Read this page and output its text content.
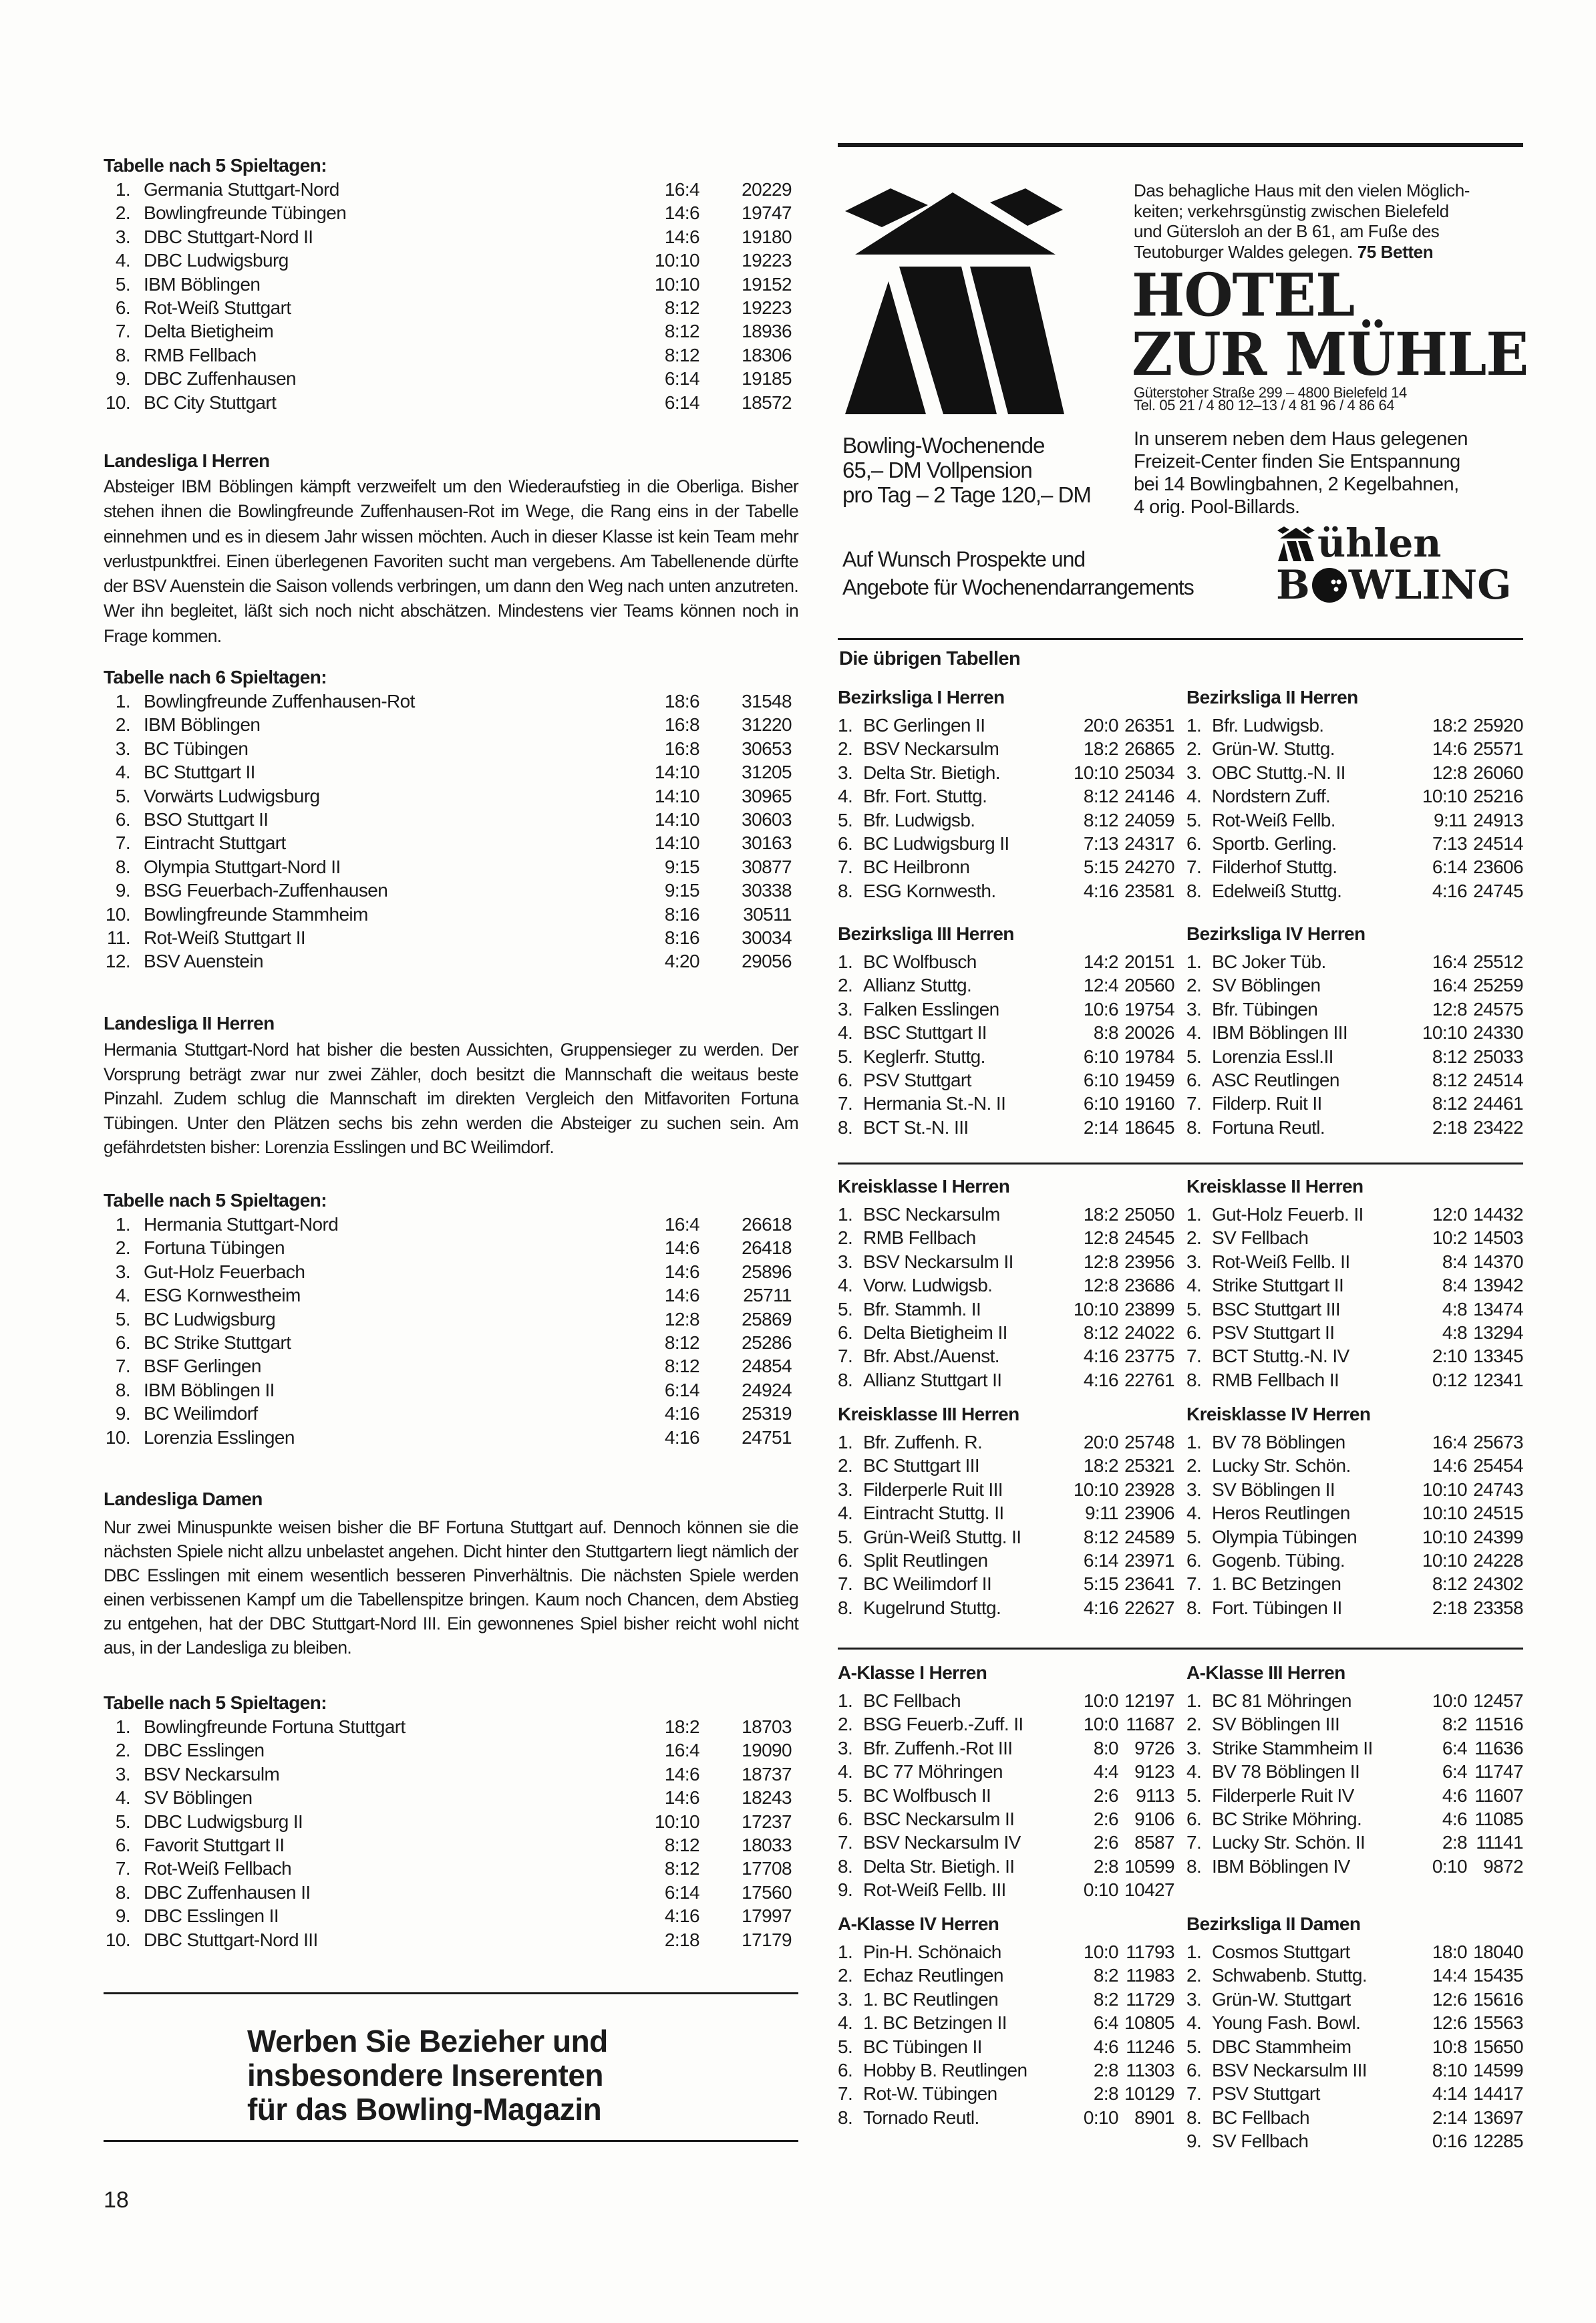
Tabelle nach 5 Spieltagen:
1. Germania Stuttgart-Nord	16:4	20229
2. Bowlingfreunde Tübingen	14:6	19747
3. DBC Stuttgart-Nord II	14:6	19180
4. DBC Ludwigsburg	10:10	19223
5. IBM Böblingen	10:10	19152
6. Rot-Weiß Stuttgart	8:12	19223
7. Delta Bietigheim	8:12	18936
8. RMB Fellbach	8:12	18306
9. DBC Zuffenhausen	6:14	19185
10. BC City Stuttgart	6:14	18572
Landesliga I Herren
Absteiger IBM Böblingen kämpft verzweifelt um den Wiederaufstieg in die Oberliga. Bisher stehen ihnen die Bowlingfreunde Zuffenhausen-Rot im Wege, die Rang eins in der Tabelle einnehmen und es in diesem Jahr wissen möchten. Auch in dieser Klasse ist kein Team mehr verlustpunktfrei. Einen überlegenen Favoriten sucht man vergebens. Am Tabellenende dürfte der BSV Auenstein die Saison vollends verbringen, um dann den Weg nach unten anzutreten. Wer ihn begleitet, läßt sich noch nicht abschätzen. Mindestens vier Teams können noch in Frage kommen.
Tabelle nach 6 Spieltagen:
1. Bowlingfreunde Zuffenhausen-Rot	18:6	31548
2. IBM Böblingen	16:8	31220
3. BC Tübingen	16:8	30653
4. BC Stuttgart II	14:10	31205
5. Vorwärts Ludwigsburg	14:10	30965
6. BSO Stuttgart II	14:10	30603
7. Eintracht Stuttgart	14:10	30163
8. Olympia Stuttgart-Nord II	9:15	30877
9. BSG Feuerbach-Zuffenhausen	9:15	30338
10. Bowlingfreunde Stammheim	8:16	30511
11. Rot-Weiß Stuttgart II	8:16	30034
12. BSV Auenstein	4:20	29056
Landesliga II Herren
Hermania Stuttgart-Nord hat bisher die besten Aussichten, Gruppensieger zu werden. Der Vorsprung beträgt zwar nur zwei Zähler, doch besitzt die Mannschaft die weitaus beste Pinzahl. Zudem schlug die Mannschaft im direkten Vergleich den Mitfavoriten Fortuna Tübingen. Unter den Plätzen sechs bis zehn werden die Absteiger zu suchen sein. Am gefährdetsten bisher: Lorenzia Esslingen und BC Weilimdorf.
Tabelle nach 5 Spieltagen:
1. Hermania Stuttgart-Nord	16:4	26618
2. Fortuna Tübingen	14:6	26418
3. Gut-Holz Feuerbach	14:6	25896
4. ESG Kornwestheim	14:6	25711
5. BC Ludwigsburg	12:8	25869
6. BC Strike Stuttgart	8:12	25286
7. BSF Gerlingen	8:12	24854
8. IBM Böblingen II	6:14	24924
9. BC Weilimdorf	4:16	25319
10. Lorenzia Esslingen	4:16	24751
Landesliga Damen
Nur zwei Minuspunkte weisen bisher die BF Fortuna Stuttgart auf. Dennoch können sie die nächsten Spiele nicht allzu unbelastet angehen. Dicht hinter den Stuttgartern liegt nämlich der DBC Esslingen mit einem wesentlich besseren Pinverhältnis. Die nächsten Spiele werden einen verbissenen Kampf um die Tabellenspitze bringen. Kaum noch Chancen, dem Abstieg zu entgehen, hat der DBC Stuttgart-Nord III. Ein gewonnenes Spiel bisher reicht wohl nicht aus, in der Landesliga zu bleiben.
Tabelle nach 5 Spieltagen:
1. Bowlingfreunde Fortuna Stuttgart	18:2	18703
2. DBC Esslingen	16:4	19090
3. BSV Neckarsulm	14:6	18737
4. SV Böblingen	14:6	18243
5. DBC Ludwigsburg II	10:10	17237
6. Favorit Stuttgart II	8:12	18033
7. Rot-Weiß Fellbach	8:12	17708
8. DBC Zuffenhausen II	6:14	17560
9. DBC Esslingen II	4:16	17997
10. DBC Stuttgart-Nord III	2:18	17179
Werben Sie Bezieher und
insbesondere Inserenten
für das Bowling-Magazin
18
Das behagliche Haus mit den vielen Möglich-
keiten; verkehrsgünstig zwischen Bielefeld
und Gütersloh an der B 61, am Fuße des
Teutoburger Waldes gelegen. 75 Betten
HOTEL
ZUR MÜHLE
Güterstoher Straße 299 – 4800 Bielefeld 14
Tel. 05 21 / 4 80 12–13 / 4 81 96 / 4 86 64
Bowling-Wochenende
65,– DM Vollpension
pro Tag – 2 Tage 120,– DM
In unserem neben dem Haus gelegenen
Freizeit-Center finden Sie Entspannung
bei 14 Bowlingbahnen, 2 Kegelbahnen,
4 orig. Pool-Billards.
Auf Wunsch Prospekte und
Angebote für Wochenendarrangements
ühlen
B WLING
Die übrigen Tabellen
Bezirksliga I Herren
1. BC Gerlingen II	20:0 26351
2. BSV Neckarsulm	18:2 26865
3. Delta Str. Bietigh.	10:10 25034
4. Bfr. Fort. Stuttg.	8:12 24146
5. Bfr. Ludwigsb.	8:12 24059
6. BC Ludwigsburg II	7:13 24317
7. BC Heilbronn	5:15 24270
8. ESG Kornwesth.	4:16 23581
Bezirksliga II Herren
1. Bfr. Ludwigsb.	18:2 25920
2. Grün-W. Stuttg.	14:6 25571
3. OBC Stuttg.-N. II	12:8 26060
4. Nordstern Zuff.	10:10 25216
5. Rot-Weiß Fellb.	9:11 24913
6. Sportb. Gerling.	7:13 24514
7. Filderhof Stuttg.	6:14 23606
8. Edelweiß Stuttg.	4:16 24745
Bezirksliga III Herren
1. BC Wolfbusch	14:2 20151
2. Allianz Stuttg.	12:4 20560
3. Falken Esslingen	10:6 19754
4. BSC Stuttgart II	8:8 20026
5. Keglerfr. Stuttg.	6:10 19784
6. PSV Stuttgart	6:10 19459
7. Hermania St.-N. II	6:10 19160
8. BCT St.-N. III	2:14 18645
Bezirksliga IV Herren
1. BC Joker Tüb.	16:4 25512
2. SV Böblingen	16:4 25259
3. Bfr. Tübingen	12:8 24575
4. IBM Böblingen III	10:10 24330
5. Lorenzia Essl.II	8:12 25033
6. ASC Reutlingen	8:12 24514
7. Filderp. Ruit II	8:12 24461
8. Fortuna Reutl.	2:18 23422
Kreisklasse I Herren
1. BSC Neckarsulm	18:2 25050
2. RMB Fellbach	12:8 24545
3. BSV Neckarsulm II	12:8 23956
4. Vorw. Ludwigsb.	12:8 23686
5. Bfr. Stammh. II	10:10 23899
6. Delta Bietigheim II	8:12 24022
7. Bfr. Abst./Auenst.	4:16 23775
8. Allianz Stuttgart II	4:16 22761
Kreisklasse II Herren
1. Gut-Holz Feuerb. II	12:0 14432
2. SV Fellbach	10:2 14503
3. Rot-Weiß Fellb. II	8:4 14370
4. Strike Stuttgart II	8:4 13942
5. BSC Stuttgart III	4:8 13474
6. PSV Stuttgart II	4:8 13294
7. BCT Stuttg.-N. IV	2:10 13345
8. RMB Fellbach II	0:12 12341
Kreisklasse III Herren
1. Bfr. Zuffenh. R.	20:0 25748
2. BC Stuttgart III	18:2 25321
3. Filderperle Ruit III	10:10 23928
4. Eintracht Stuttg. II	9:11 23906
5. Grün-Weiß Stuttg. II	8:12 24589
6. Split Reutlingen	6:14 23971
7. BC Weilimdorf II	5:15 23641
8. Kugelrund Stuttg.	4:16 22627
Kreisklasse IV Herren
1. BV 78 Böblingen	16:4 25673
2. Lucky Str. Schön.	14:6 25454
3. SV Böblingen II	10:10 24743
4. Heros Reutlingen	10:10 24515
5. Olympia Tübingen	10:10 24399
6. Gogenb. Tübing.	10:10 24228
7. 1. BC Betzingen	8:12 24302
8. Fort. Tübingen II	2:18 23358
A-Klasse I Herren
1. BC Fellbach	10:0 12197
2. BSG Feuerb.-Zuff. II	10:0 11687
3. Bfr. Zuffenh.-Rot III	8:0 9726
4. BC 77 Möhringen	4:4 9123
5. BC Wolfbusch II	2:6 9113
6. BSC Neckarsulm II	2:6 9106
7. BSV Neckarsulm IV	2:6 8587
8. Delta Str. Bietigh. II	2:8 10599
9. Rot-Weiß Fellb. III	0:10 10427
A-Klasse III Herren
1. BC 81 Möhringen	10:0 12457
2. SV Böblingen III	8:2 11516
3. Strike Stammheim II	6:4 11636
4. BV 78 Böblingen II	6:4 11747
5. Filderperle Ruit IV	4:6 11607
6. BC Strike Möhring.	4:6 11085
7. Lucky Str. Schön. II	2:8 11141
8. IBM Böblingen IV	0:10 9872
A-Klasse IV Herren
1. Pin-H. Schönaich	10:0 11793
2. Echaz Reutlingen	8:2 11983
3. 1. BC Reutlingen	8:2 11729
4. 1. BC Betzingen II	6:4 10805
5. BC Tübingen II	4:6 11246
6. Hobby B. Reutlingen	2:8 11303
7. Rot-W. Tübingen	2:8 10129
8. Tornado Reutl.	0:10 8901
Bezirksliga II Damen
1. Cosmos Stuttgart	18:0 18040
2. Schwabenb. Stuttg.	14:4 15435
3. Grün-W. Stuttgart	12:6 15616
4. Young Fash. Bowl.	12:6 15563
5. DBC Stammheim	10:8 15650
6. BSV Neckarsulm III	8:10 14599
7. PSV Stuttgart	4:14 14417
8. BC Fellbach	2:14 13697
9. SV Fellbach	0:16 12285
